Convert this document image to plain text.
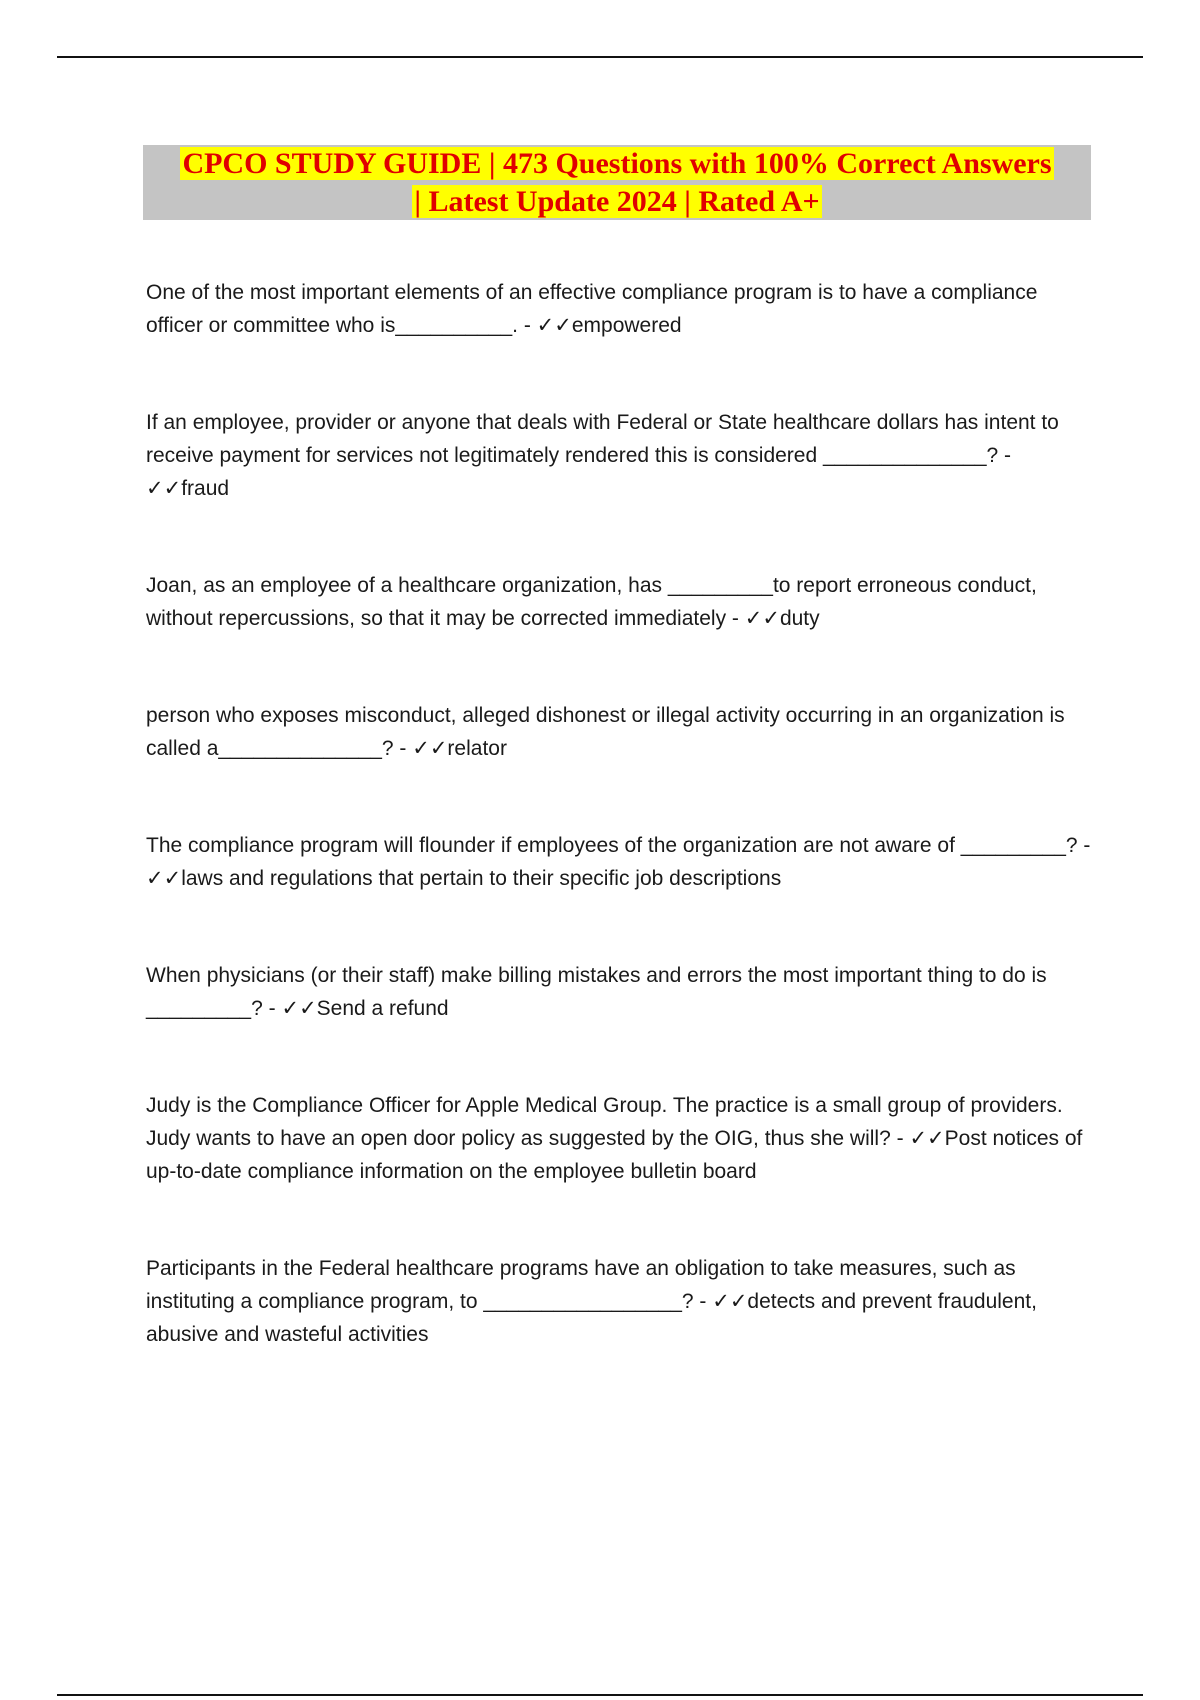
CPCO STUDY GUIDE | 473 Questions with 100% Correct Answers
| Latest Update 2024 | Rated A+

One of the most important elements of an effective compliance program is to have a compliance officer or committee who is__________. - ✓✓empowered

If an employee, provider or anyone that deals with Federal or State healthcare dollars has intent to receive payment for services not legitimately rendered this is considered ______________? - ✓✓fraud

Joan, as an employee of a healthcare organization, has _________to report erroneous conduct, without repercussions, so that it may be corrected immediately - ✓✓duty

person who exposes misconduct, alleged dishonest or illegal activity occurring in an organization is called a______________? - ✓✓relator

The compliance program will flounder if employees of the organization are not aware of _________? - ✓✓laws and regulations that pertain to their specific job descriptions

When physicians (or their staff) make billing mistakes and errors the most important thing to do is _________? - ✓✓Send a refund

Judy is the Compliance Officer for Apple Medical Group. The practice is a small group of providers. Judy wants to have an open door policy as suggested by the OIG, thus she will? - ✓✓Post notices of up-to-date compliance information on the employee bulletin board

Participants in the Federal healthcare programs have an obligation to take measures, such as instituting a compliance program, to _________________? - ✓✓detects and prevent fraudulent, abusive and wasteful activities
